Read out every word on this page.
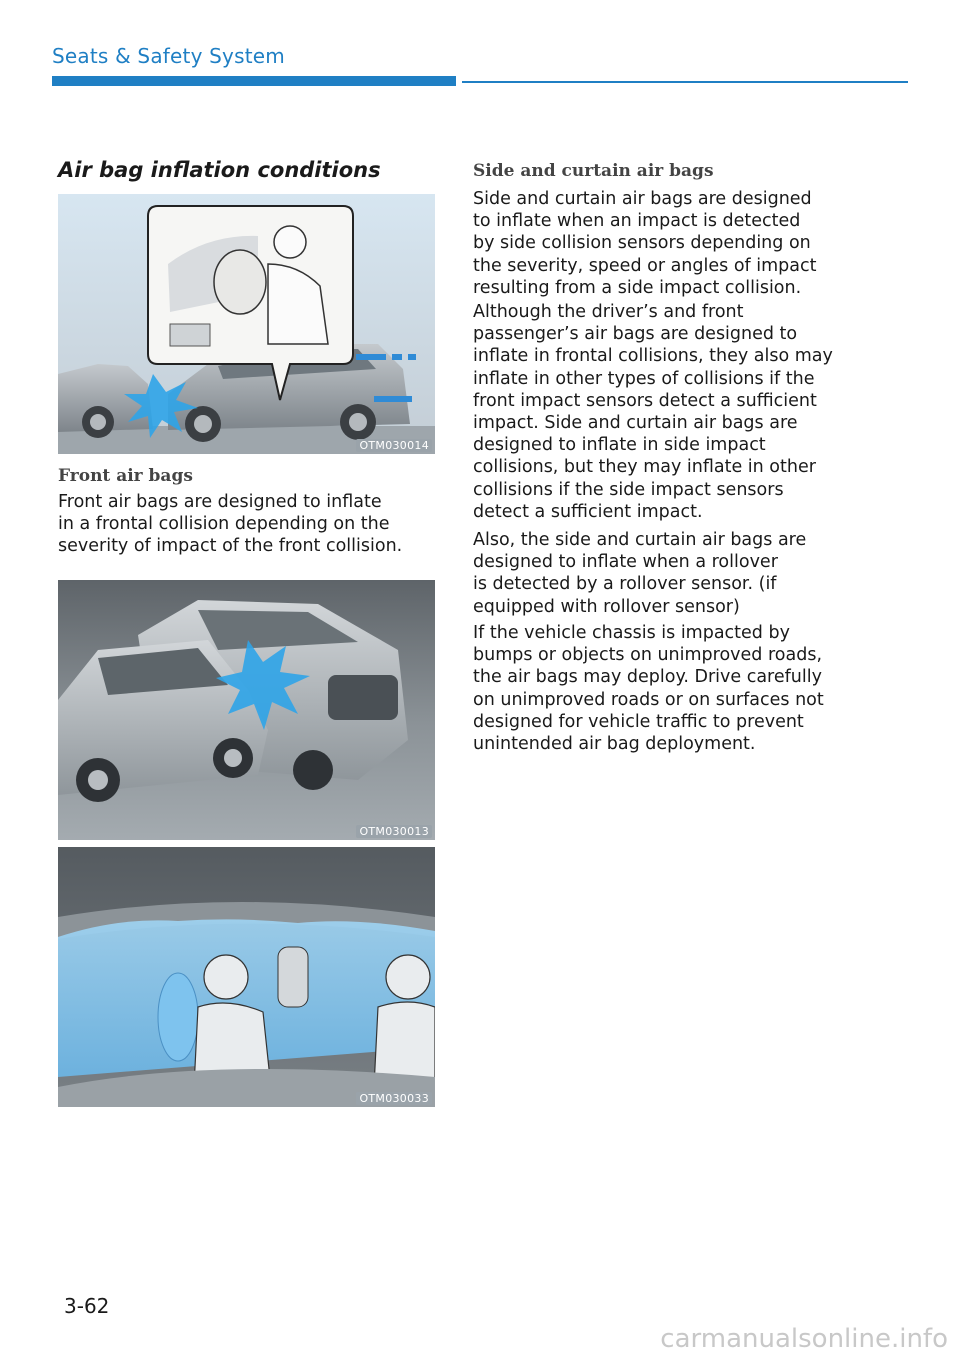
Seats & Safety System
Air bag inflation conditions
OTM030014
Front air bags
Front air bags are designed to inflate
in a frontal collision depending on the
severity of impact of the front collision.
OTM030013
OTM030033
Side and curtain air bags
Side and curtain air bags are designed
to inflate when an impact is detected
by side collision sensors depending on
the severity, speed or angles of impact
resulting from a side impact collision.
Although the driver’s and front
passenger’s air bags are designed to
inflate in frontal collisions, they also may
inflate in other types of collisions if the
front impact sensors detect a sufficient
impact. Side and curtain air bags are
designed to inflate in side impact
collisions, but they may inflate in other
collisions if the side impact sensors
detect a sufficient impact.
Also, the side and curtain air bags are
designed to inflate when a rollover
is detected by a rollover sensor. (if
equipped with rollover sensor)
If the vehicle chassis is impacted by
bumps or objects on unimproved roads,
the air bags may deploy. Drive carefully
on unimproved roads or on surfaces not
designed for vehicle traffic to prevent
unintended air bag deployment.
3-62
carmanualsonline.info
